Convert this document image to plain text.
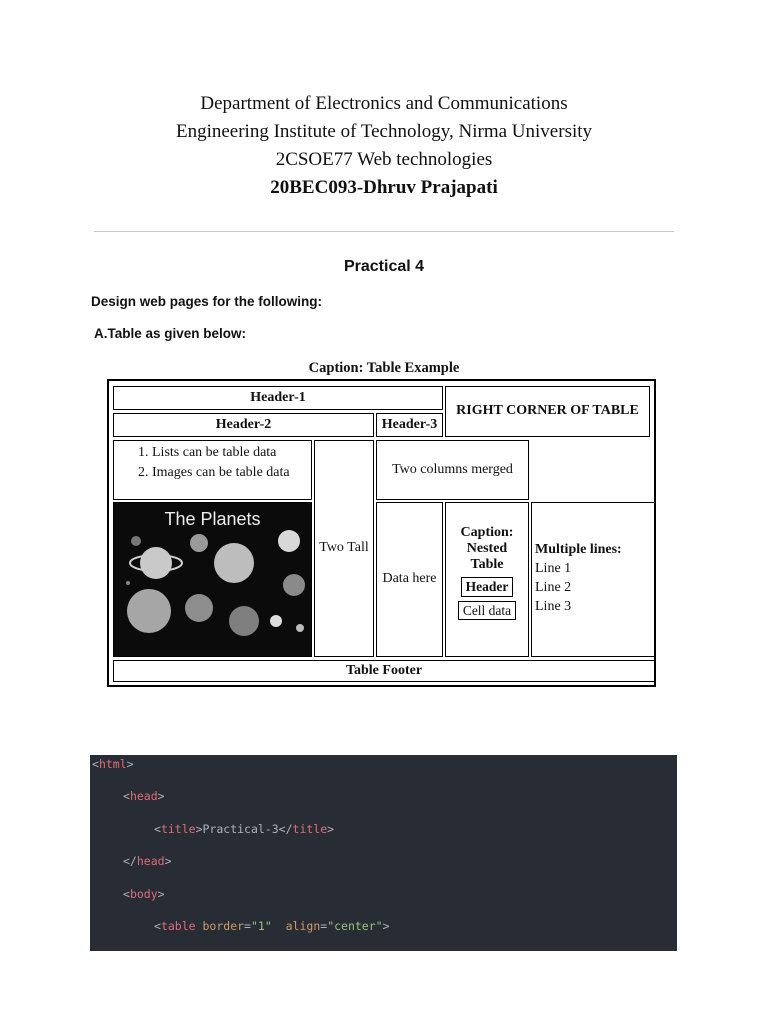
Department of Electronics and Communications
Engineering Institute of Technology, Nirma University
2CSOE77 Web technologies
20BEC093-Dhruv Prajapati
Practical 4
Design web pages for the following:
A.Table as given below:
Caption: Table Example
Header-1
RIGHT CORNER OF TABLE
Header-2	Header-3
1. Lists can be table data
2. Images can be table data
Two Tall
Two columns merged
The Planets
Data here
Caption: Nested Table
Header
Cell data
Multiple lines:
Line 1
Line 2
Line 3
Table Footer
<html>
<head>
<title>Practical-3</title>
</head>
<body>
<table border="1" align="center">
